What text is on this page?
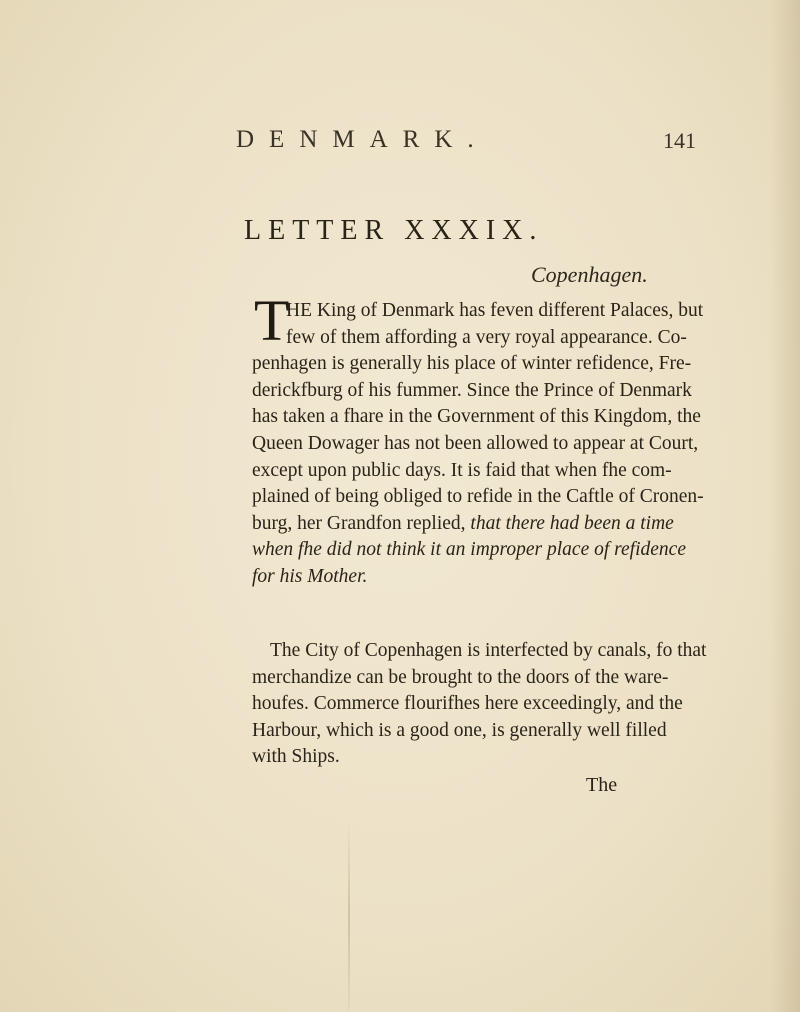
DENMARK.	141
LETTER XXXIX.
Copenhagen.
T
HE King of Denmark has feven different Palaces, but
few of them affording a very royal appearance. Co-
penhagen is generally his place of winter refidence, Fre-
derickfburg of his fummer. Since the Prince of Denmark
has taken a fhare in the Government of this Kingdom, the
Queen Dowager has not been allowed to appear at Court,
except upon public days. It is faid that when fhe com-
plained of being obliged to refide in the Caftle of Cronen-
burg, her Grandfon replied, that there had been a time
when fhe did not think it an improper place of refidence
for his Mother.
The City of Copenhagen is interfected by canals, fo that
merchandize can be brought to the doors of the ware-
houfes. Commerce flourifhes here exceedingly, and the
Harbour, which is a good one, is generally well filled
with Ships.
The
